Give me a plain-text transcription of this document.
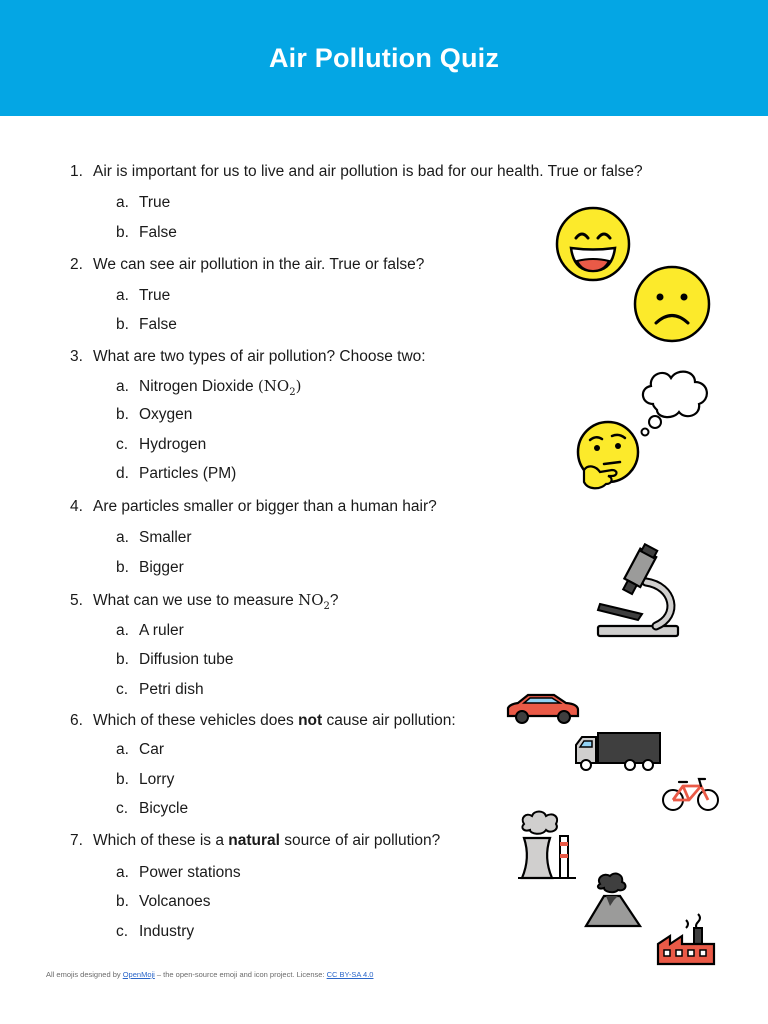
Air Pollution Quiz
1. Air is important for us to live and air pollution is bad for our health. True or false?
a. True
b. False
2. We can see air pollution in the air. True or false?
a. True
b. False
3. What are two types of air pollution? Choose two:
a. Nitrogen Dioxide $(NO_2)$
b. Oxygen
c. Hydrogen
d. Particles (PM)
4. Are particles smaller or bigger than a human hair?
a. Smaller
b. Bigger
5. What can we use to measure $NO_2$?
a. A ruler
b. Diffusion tube
c. Petri dish
6. Which of these vehicles does not cause air pollution:
a. Car
b. Lorry
c. Bicycle
7. Which of these is a natural source of air pollution?
a. Power stations
b. Volcanoes
c. Industry
All emojis designed by OpenMoji – the open-source emoji and icon project. License: CC BY-SA 4.0
